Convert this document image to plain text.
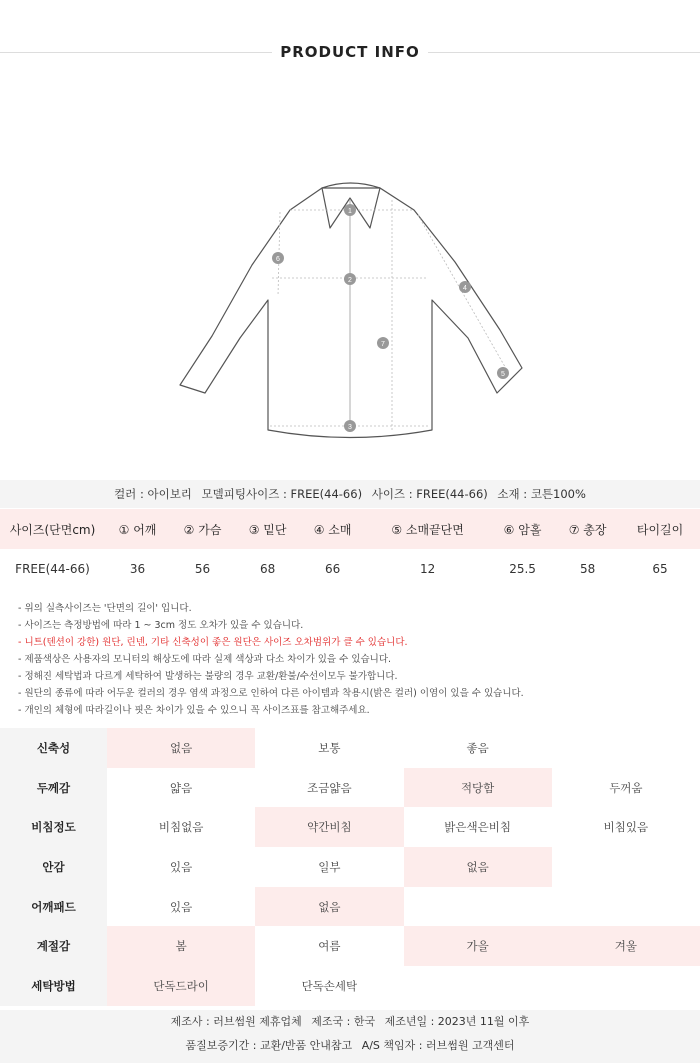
PRODUCT INFO
1
2
3
4
5
6
7
컬러 : 아이보리 모델피팅사이즈 : FREE(44-66) 사이즈 : FREE(44-66) 소재 : 코튼100%
사이즈(단면cm)	① 어깨	② 가슴	③ 밑단	④ 소매	⑤ 소매끝단면	⑥ 암홀	⑦ 총장	타이길이
FREE(44-66)	36	56	68	66	12	25.5	58	65
- 위의 실측사이즈는 '단면의 길이' 입니다.
- 사이즈는 측정방법에 따라 1 ~ 3cm 정도 오차가 있을 수 있습니다.
- 니트(텐션이 강한) 원단, 린넨, 기타 신축성이 좋은 원단은 사이즈 오차범위가 클 수 있습니다.
- 제품색상은 사용자의 모니터의 해상도에 따라 실제 색상과 다소 차이가 있을 수 있습니다.
- 정해진 세탁법과 다르게 세탁하여 발생하는 불량의 경우 교환/환불/수선이모두 불가합니다.
- 원단의 종류에 따라 어두운 컬러의 경우 염색 과정으로 인하여 다른 아이템과 착용시(밝은 컬러) 이염이 있을 수 있습니다.
- 개인의 체형에 따라길이나 핏은 차이가 있을 수 있으니 꼭 사이즈표를 참고해주세요.
신축성	없음	보통	좋음	
두께감	얇음	조금얇음	적당함	두꺼움
비침정도	비침없음	약간비침	밝은색은비침	비침있음
안감	있음	일부	없음	
어깨패드	있음	없음		
계절감	봄	여름	가을	겨울
세탁방법	단독드라이	단독손세탁		
제조사 : 러브썸원 제휴업체 제조국 : 한국 제조년일 : 2023년 11월 이후
품질보증기간 : 교환/반품 안내참고 A/S 책임자 : 러브썸원 고객센터
